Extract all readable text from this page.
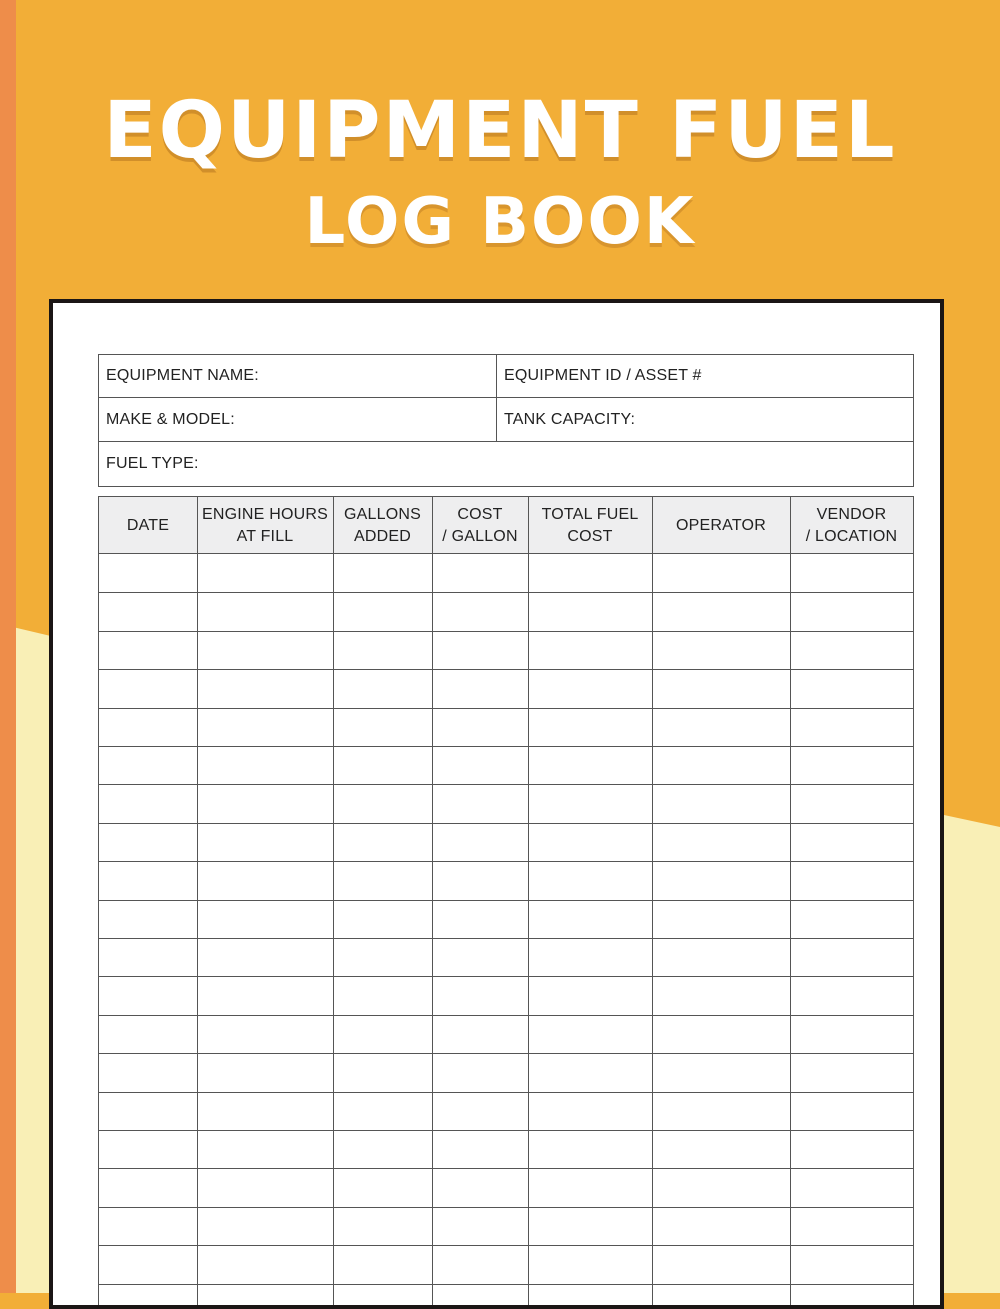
EQUIPMENT FUEL
LOG BOOK
EQUIPMENT NAME:	EQUIPMENT ID / ASSET #
MAKE & MODEL:	TANK CAPACITY:
FUEL TYPE:
DATE
ENGINE HOURS
AT FILL
GALLONS
ADDED
COST
/ GALLON
TOTAL FUEL
COST
OPERATOR
VENDOR
/ LOCATION
